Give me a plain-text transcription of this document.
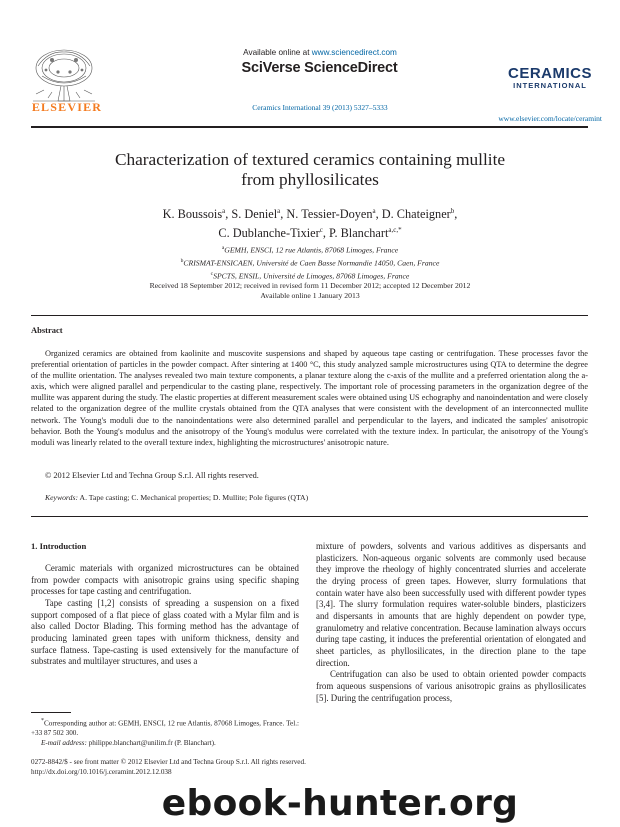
ELSEVIER
Available online at www.sciencedirect.com
SciVerse ScienceDirect
Ceramics International 39 (2013) 5327–5333
CERAMICS
INTERNATIONAL
www.elsevier.com/locate/ceramint
Characterization of textured ceramics containing mullite
from phyllosilicates
K. Boussois$^a$, S. Deniel$^a$, N. Tessier-Doyen$^a$, D. Chateigner$^b$,
C. Dublanche-Tixier$^c$, P. Blanchart$^{a,c,*}$
$^a$GEMH, ENSCI, 12 rue Atlantis, 87068 Limoges, France
$^b$CRISMAT-ENSICAEN, Université de Caen Basse Normandie 14050, Caen, France
$^c$SPCTS, ENSIL, Université de Limoges, 87068 Limoges, France
Received 18 September 2012; received in revised form 11 December 2012; accepted 12 December 2012
Available online 1 January 2013
Abstract

Organized ceramics are obtained from kaolinite and muscovite suspensions and shaped by aqueous tape casting or centrifugation. These processes favor the preferential orientation of particles in the powder compact. After sintering at 1400 °C, this study analyzed sample microstructures using QTA to determine the degree of the mullite orientation. The analyses revealed two main texture components, a planar texture along the c-axis of the mullite and a preferred orientation along the a-axis, which were aligned parallel and perpendicular to the casting plane, respectively. The important role of processing parameters in the organization degree of the mullite was apparent during the study. The elastic properties at different measurement scales were obtained using US echography and nanoindentation and were closely related to the organization degree of the mullite crystals obtained from the QTA analyses that were consistent with the development of an interconnected mullite network. The Young's moduli due to the nanoindentations were also determined parallel and perpendicular to the layers, and indicated the samples' anisotropic behavior. Both the Young's modulus and the anisotropy of the Young's modulus were correlated with the texture index. In particular, the anisotropy of the Young's moduli was linearly related to the overall texture index, highlighting the microstructures' anisotropic nature.

© 2012 Elsevier Ltd and Techna Group S.r.l. All rights reserved.
Keywords: A. Tape casting; C. Mechanical properties; D. Mullite; Pole figures (QTA)
1. Introduction

Ceramic materials with organized microstructures can be obtained from powder compacts with anisotropic grains using specific shaping processes for tape casting and centrifugation.

Tape casting [1,2] consists of spreading a suspension on a fixed support composed of a flat piece of glass coated with a Mylar film and is also called Doctor Blading. This forming method has the advantage of producing laminated green tapes with uniform thickness, density and surface flatness. Tape-casting is used extensively for the manufacture of substrates and multilayer structures, and uses a

mixture of powders, solvents and various additives as dispersants and plasticizers. Non-aqueous organic solvents are commonly used because they improve the rheology of highly concentrated slurries and accelerate the drying process of green tapes. However, slurry formulations that contain water have also been successfully used with different powder types [3,4]. The slurry formulation requires water-soluble binders, plasticizers and dispersants in amounts that are highly dependent on powder type, granulometry and relative concentration. Because lamination always occurs during tape casting, it induces the preferential orientation of elongated and sheet particles, as phyllosilicates, in the direction plane to the tape direction.

Centrifugation can also be used to obtain oriented powder compacts from aqueous suspensions of various anisotropic grains as phyllosilicates [5]. During the centrifugation process,

*Corresponding author at: GEMH, ENSCI, 12 rue Atlantis, 87068 Limoges, France. Tel.: +33 87 502 300.
E-mail address: philippe.blanchart@unilim.fr (P. Blanchart).
0272-8842/$ - see front matter © 2012 Elsevier Ltd and Techna Group S.r.l. All rights reserved.
http://dx.doi.org/10.1016/j.ceramint.2012.12.038
ebook-hunter.org
